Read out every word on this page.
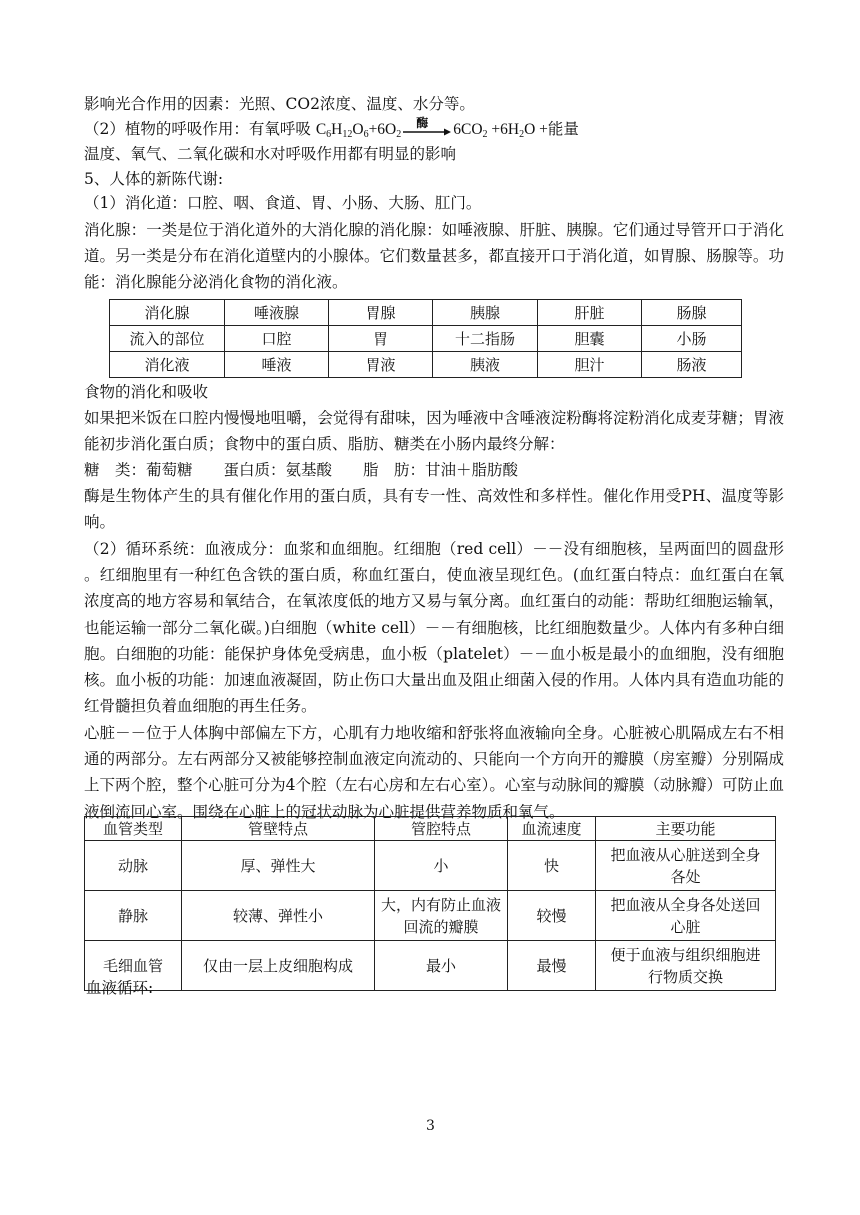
影响光合作用的因素：光照、CO2浓度、温度、水分等。
（2）植物的呼吸作用：有氧呼吸 $C_6H_{12}O_6+6O_2$
酶 $6CO_2 +6H_2O$ +能量
温度、氧气、二氧化碳和水对呼吸作用都有明显的影响
5、人体的新陈代谢:
（1）消化道：口腔、咽、食道、胃、小肠、大肠、肛门。
消化腺：一类是位于消化道外的大消化腺的消化腺：如唾液腺、肝脏、胰腺。它们通过导管开口于消化道。另一类是分布在消化道壁内的小腺体。它们数量甚多，都直接开口于消化道，如胃腺、肠腺等。功能：消化腺能分泌消化食物的消化液。
消化腺	唾液腺	胃腺	胰腺	肝脏	肠腺
流入的部位	口腔	胃	十二指肠	胆囊	小肠
消化液	唾液	胃液	胰液	胆汁	肠液
食物的消化和吸收
如果把米饭在口腔内慢慢地咀嚼，会觉得有甜味，因为唾液中含唾液淀粉酶将淀粉消化成麦芽糖；胃液能初步消化蛋白质；食物中的蛋白质、脂肪、糖类在小肠内最终分解：
糖　类：葡萄糖　　蛋白质：氨基酸　　脂　肪：甘油＋脂肪酸
酶是生物体产生的具有催化作用的蛋白质，具有专一性、高效性和多样性。催化作用受PH、温度等影响。
（2）循环系统：血液成分：血浆和血细胞。红细胞（red cell）－－没有细胞核，呈两面凹的圆盘形 。红细胞里有一种红色含铁的蛋白质，称血红蛋白，使血液呈现红色。(血红蛋白特点：血红蛋白在氧浓度高的地方容易和氧结合，在氧浓度低的地方又易与氧分离。血红蛋白的动能：帮助红细胞运输氧，也能运输一部分二氧化碳。)白细胞（white cell）－－有细胞核，比红细胞数量少。人体内有多种白细胞。白细胞的功能：能保护身体免受病患，血小板（platelet）－－血小板是最小的血细胞，没有细胞核。血小板的功能：加速血液凝固，防止伤口大量出血及阻止细菌入侵的作用。人体内具有造血功能的红骨髓担负着血细胞的再生任务。
心脏－－位于人体胸中部偏左下方，心肌有力地收缩和舒张将血液输向全身。心脏被心肌隔成左右不相通的两部分。左右两部分又被能够控制血液定向流动的、只能向一个方向开的瓣膜（房室瓣）分别隔成上下两个腔，整个心脏可分为4个腔（左右心房和左右心室）。心室与动脉间的瓣膜（动脉瓣）可防止血液倒流回心室。围绕在心脏上的冠状动脉为心脏提供营养物质和氧气。
血管类型	管壁特点	管腔特点	血流速度	主要功能
动脉	厚、弹性大	小	快	把血液从心脏送到全身各处
静脉	较薄、弹性小	大，内有防止血液回流的瓣膜	较慢	把血液从全身各处送回心脏
毛细血管	仅由一层上皮细胞构成	最小	最慢	便于血液与组织细胞进行物质交换
血液循环:
3
